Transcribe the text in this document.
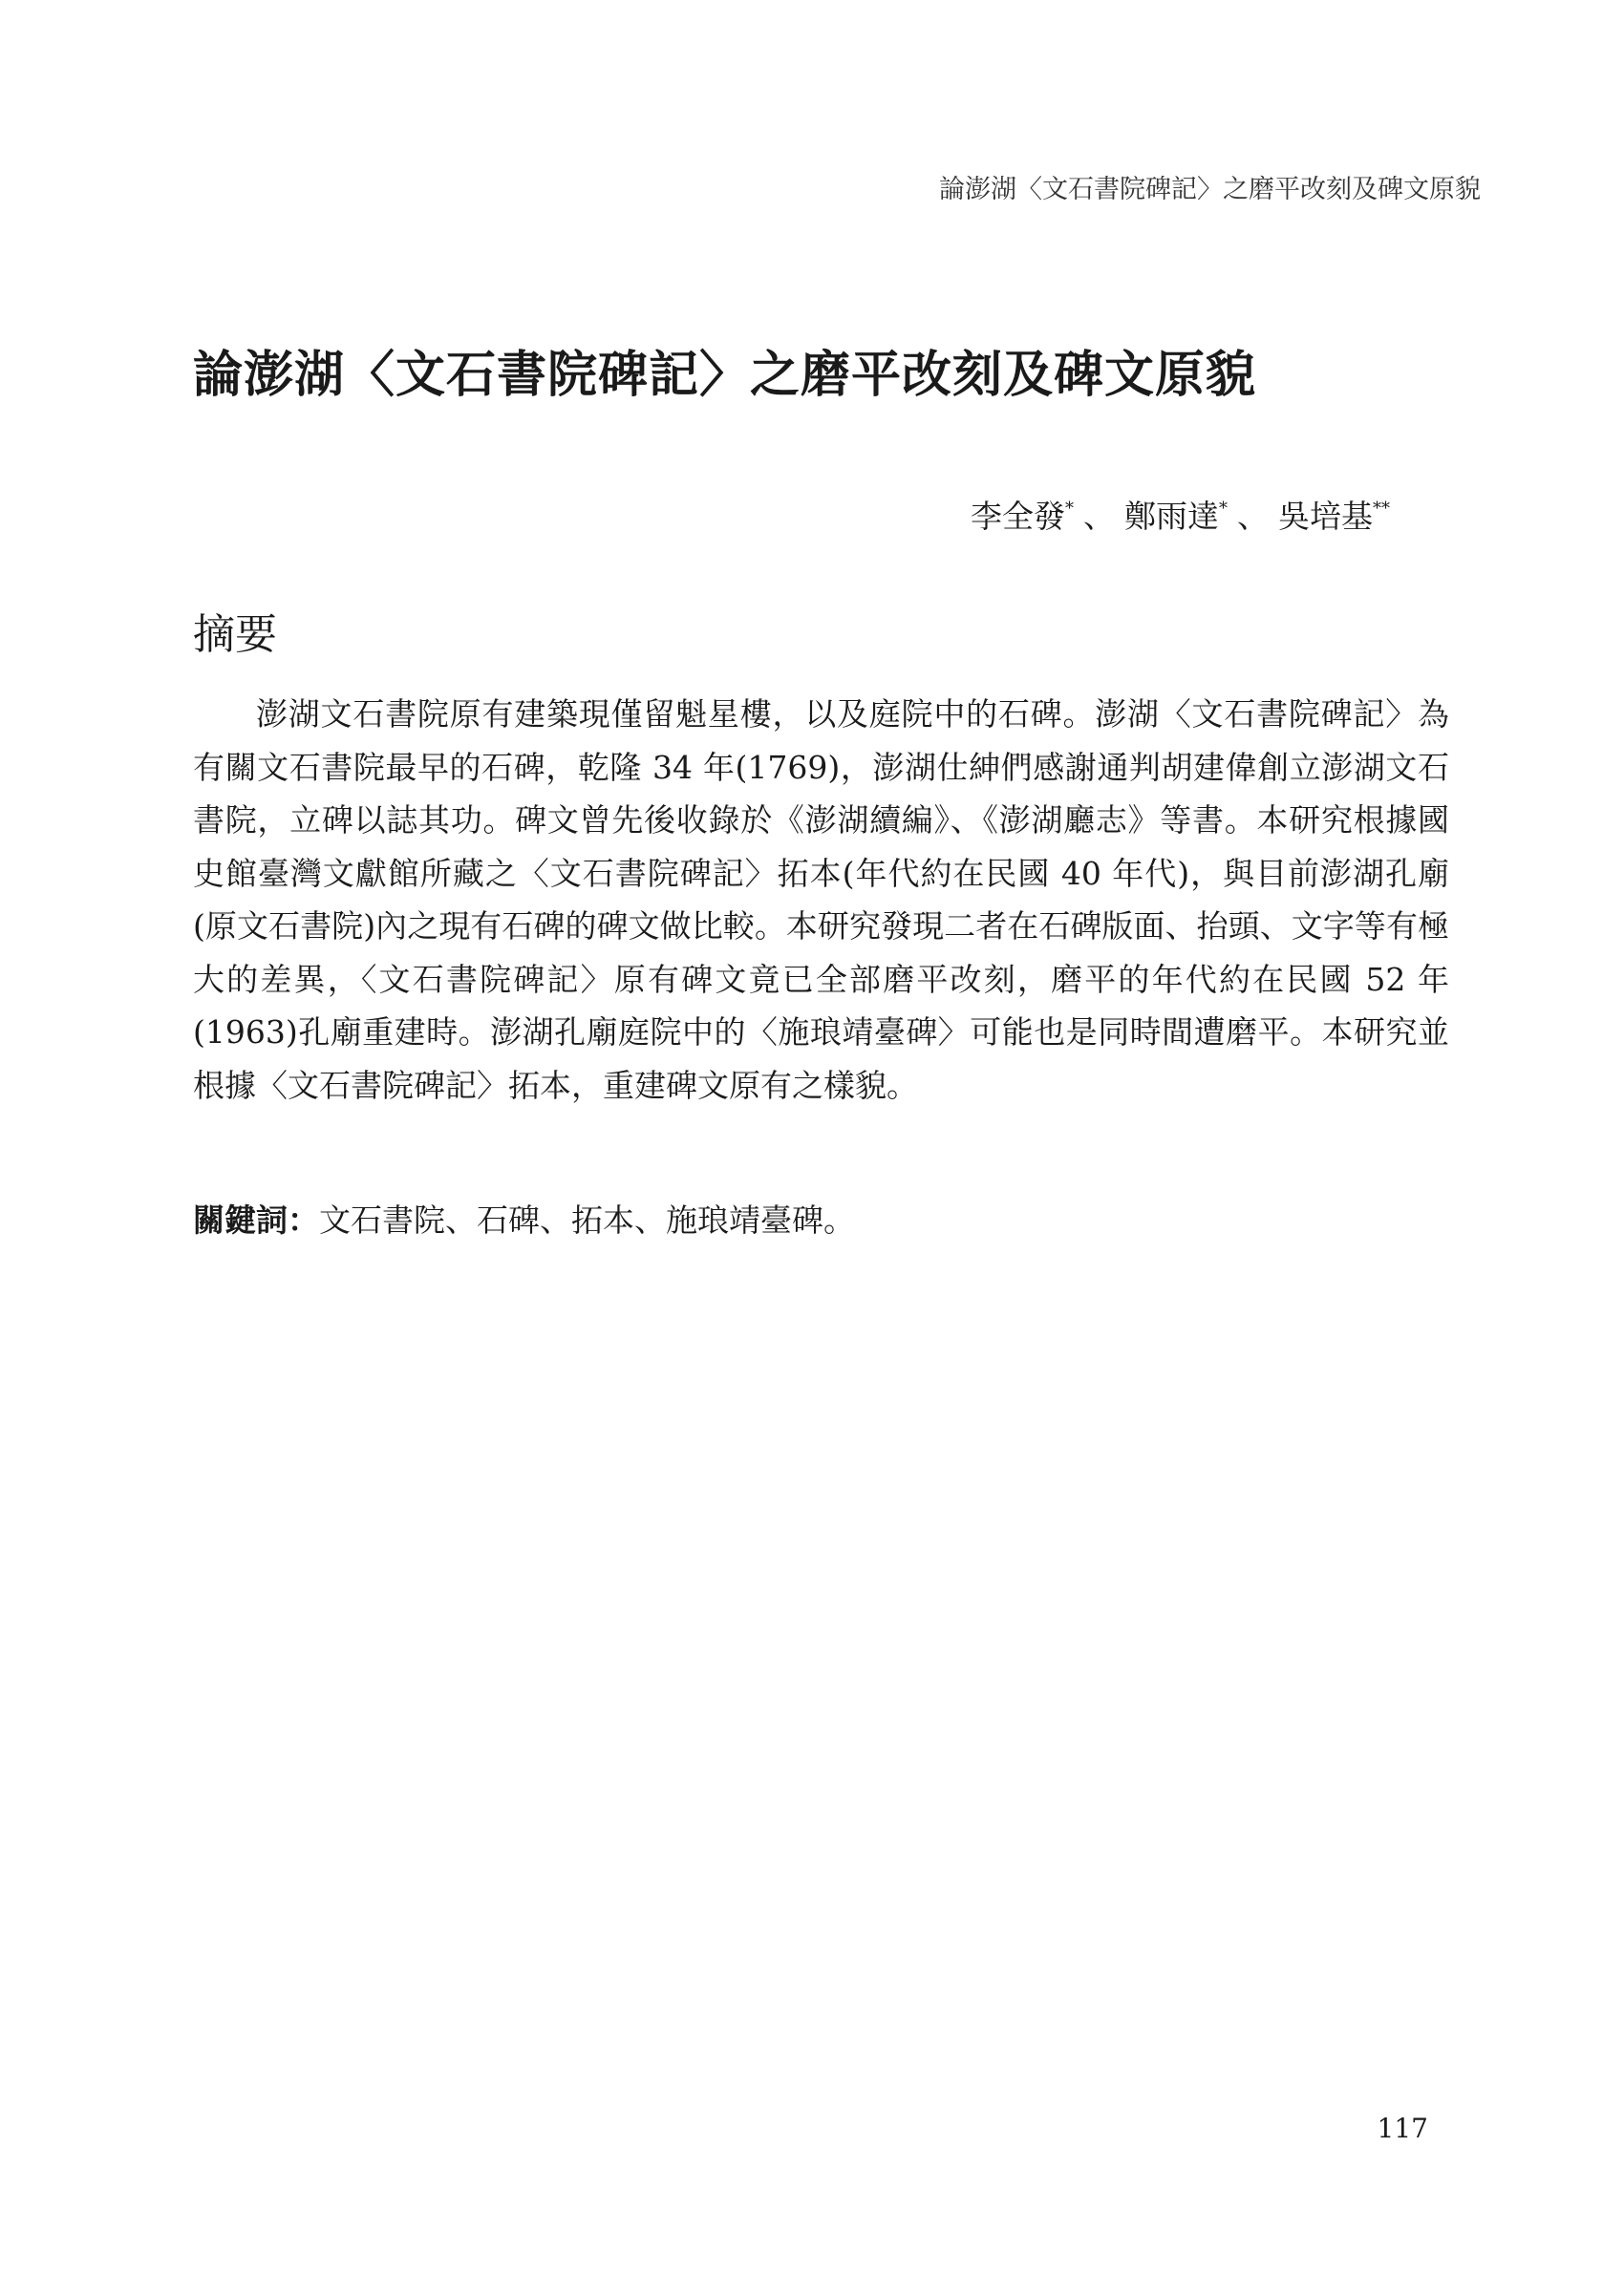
論澎湖〈文石書院碑記〉之磨平改刻及碑文原貌
論澎湖〈文石書院碑記〉之磨平改刻及碑文原貌
李全發* 、 鄭雨達* 、 吳培基**
摘要

澎湖文石書院原有建築現僅留魁星樓，以及庭院中的石碑。澎湖〈文石書院碑記〉為有關文石書院最早的石碑，乾隆 34 年(1769)，澎湖仕紳們感謝通判胡建偉創立澎湖文石書院，立碑以誌其功。碑文曾先後收錄於《澎湖續編》、《澎湖廳志》等書。本研究根據國史館臺灣文獻館所藏之〈文石書院碑記〉拓本(年代約在民國 40 年代)，與目前澎湖孔廟(原文石書院)內之現有石碑的碑文做比較。本研究發現二者在石碑版面、抬頭、文字等有極大的差異，〈文石書院碑記〉原有碑文竟已全部磨平改刻，磨平的年代約在民國 52 年(1963)孔廟重建時。澎湖孔廟庭院中的〈施琅靖臺碑〉可能也是同時間遭磨平。本研究並根據〈文石書院碑記〉拓本，重建碑文原有之樣貌。

關鍵詞：文石書院、石碑、拓本、施琅靖臺碑。

117
